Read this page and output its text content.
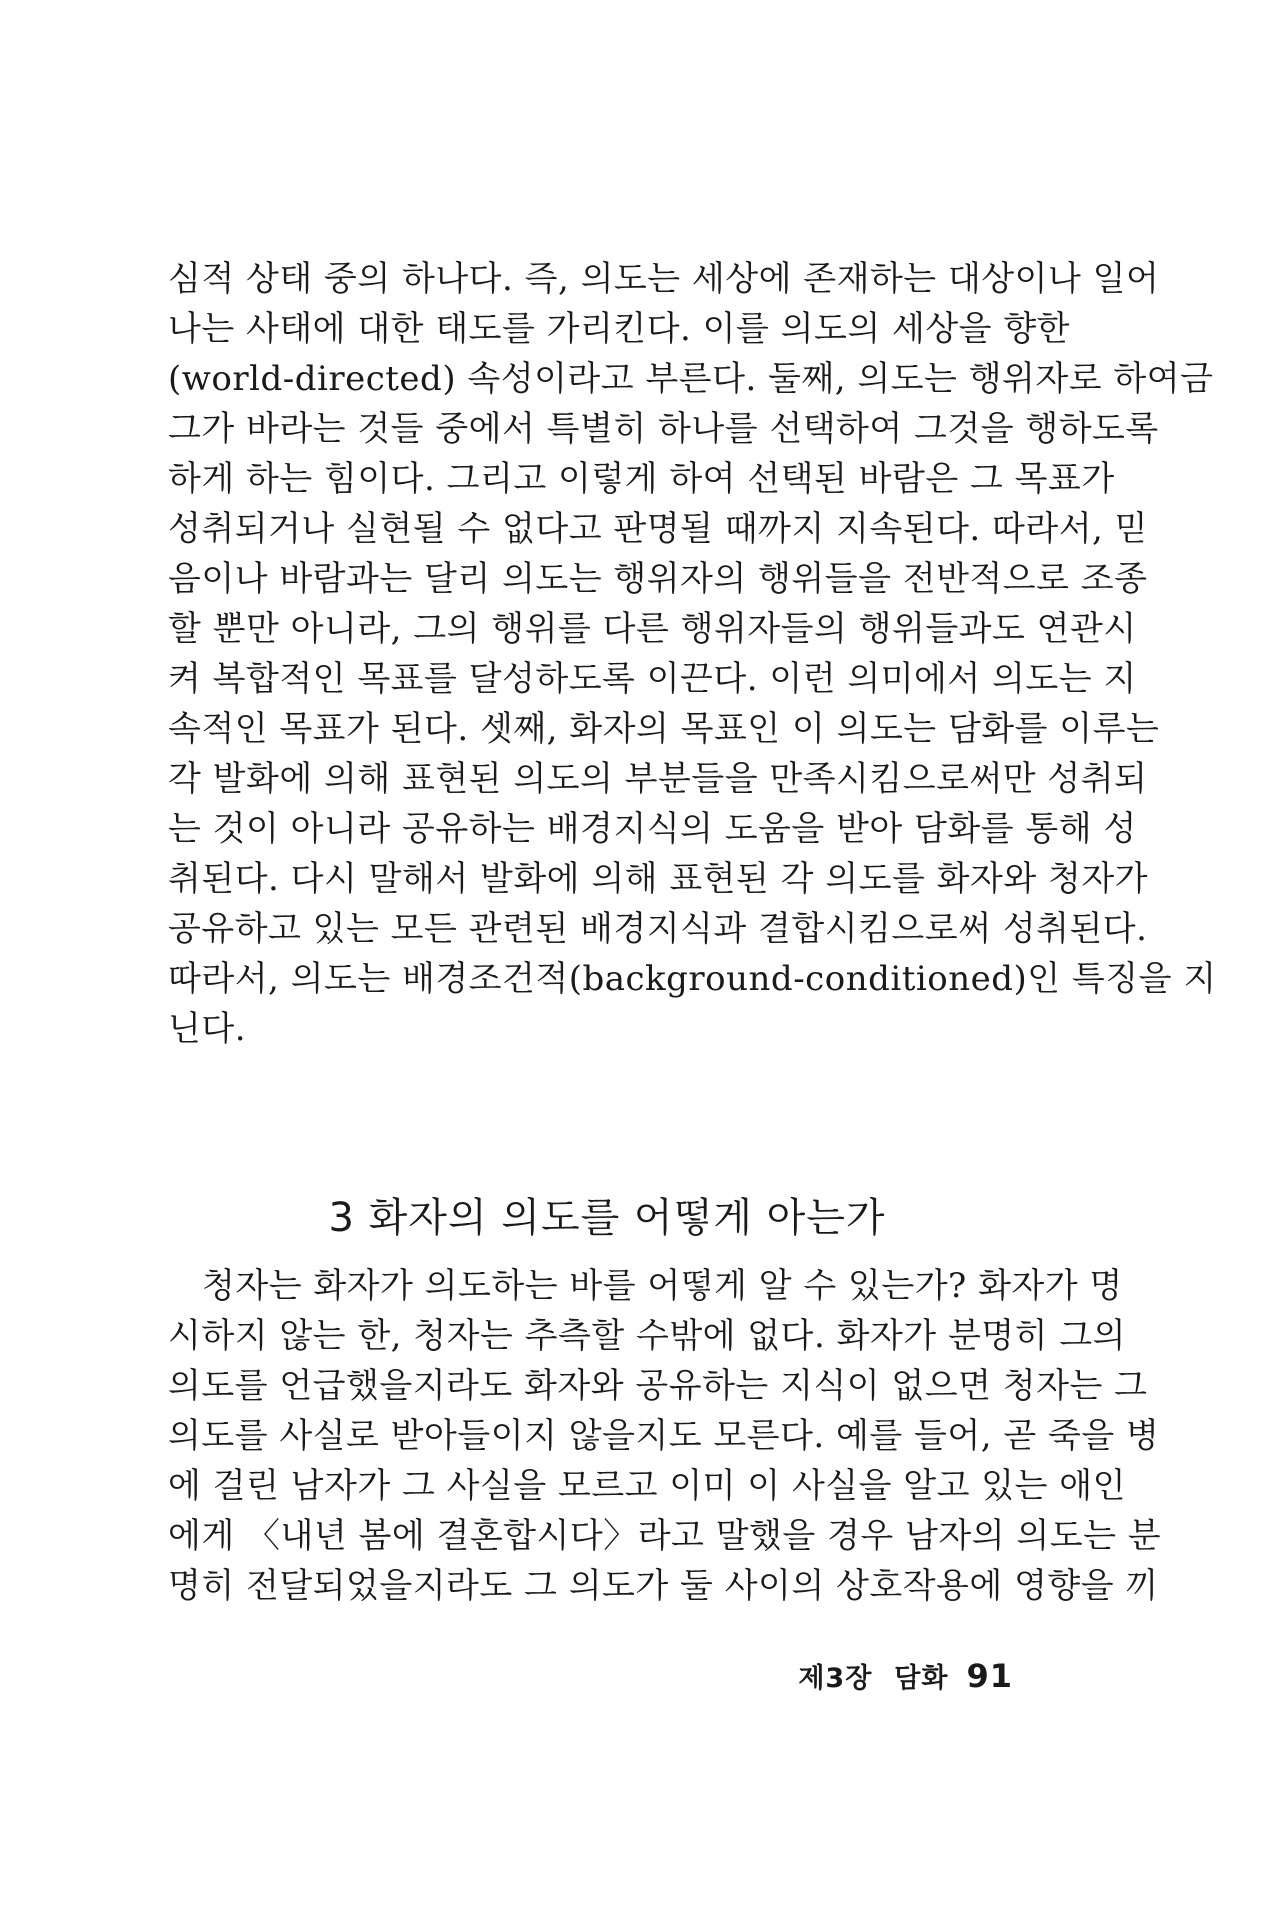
심적 상태 중의 하나다. 즉, 의도는 세상에 존재하는 대상이나 일어
나는 사태에 대한 태도를 가리킨다. 이를 의도의 세상을 향한
(world-directed) 속성이라고 부른다. 둘째, 의도는 행위자로 하여금
그가 바라는 것들 중에서 특별히 하나를 선택하여 그것을 행하도록
하게 하는 힘이다. 그리고 이렇게 하여 선택된 바람은 그 목표가
성취되거나 실현될 수 없다고 판명될 때까지 지속된다. 따라서, 믿
음이나 바람과는 달리 의도는 행위자의 행위들을 전반적으로 조종
할 뿐만 아니라, 그의 행위를 다른 행위자들의 행위들과도 연관시
켜 복합적인 목표를 달성하도록 이끈다. 이런 의미에서 의도는 지
속적인 목표가 된다. 셋째, 화자의 목표인 이 의도는 담화를 이루는
각 발화에 의해 표현된 의도의 부분들을 만족시킴으로써만 성취되
는 것이 아니라 공유하는 배경지식의 도움을 받아 담화를 통해 성
취된다. 다시 말해서 발화에 의해 표현된 각 의도를 화자와 청자가
공유하고 있는 모든 관련된 배경지식과 결합시킴으로써 성취된다.
따라서, 의도는 배경조건적(background-conditioned)인 특징을 지
닌다.
3 화자의 의도를 어떻게 아는가
청자는 화자가 의도하는 바를 어떻게 알 수 있는가? 화자가 명
시하지 않는 한, 청자는 추측할 수밖에 없다. 화자가 분명히 그의
의도를 언급했을지라도 화자와 공유하는 지식이 없으면 청자는 그
의도를 사실로 받아들이지 않을지도 모른다. 예를 들어, 곧 죽을 병
에 걸린 남자가 그 사실을 모르고 이미 이 사실을 알고 있는 애인
에게 〈내년 봄에 결혼합시다〉라고 말했을 경우 남자의 의도는 분
명히 전달되었을지라도 그 의도가 둘 사이의 상호작용에 영향을 끼
제3장 담화 91
